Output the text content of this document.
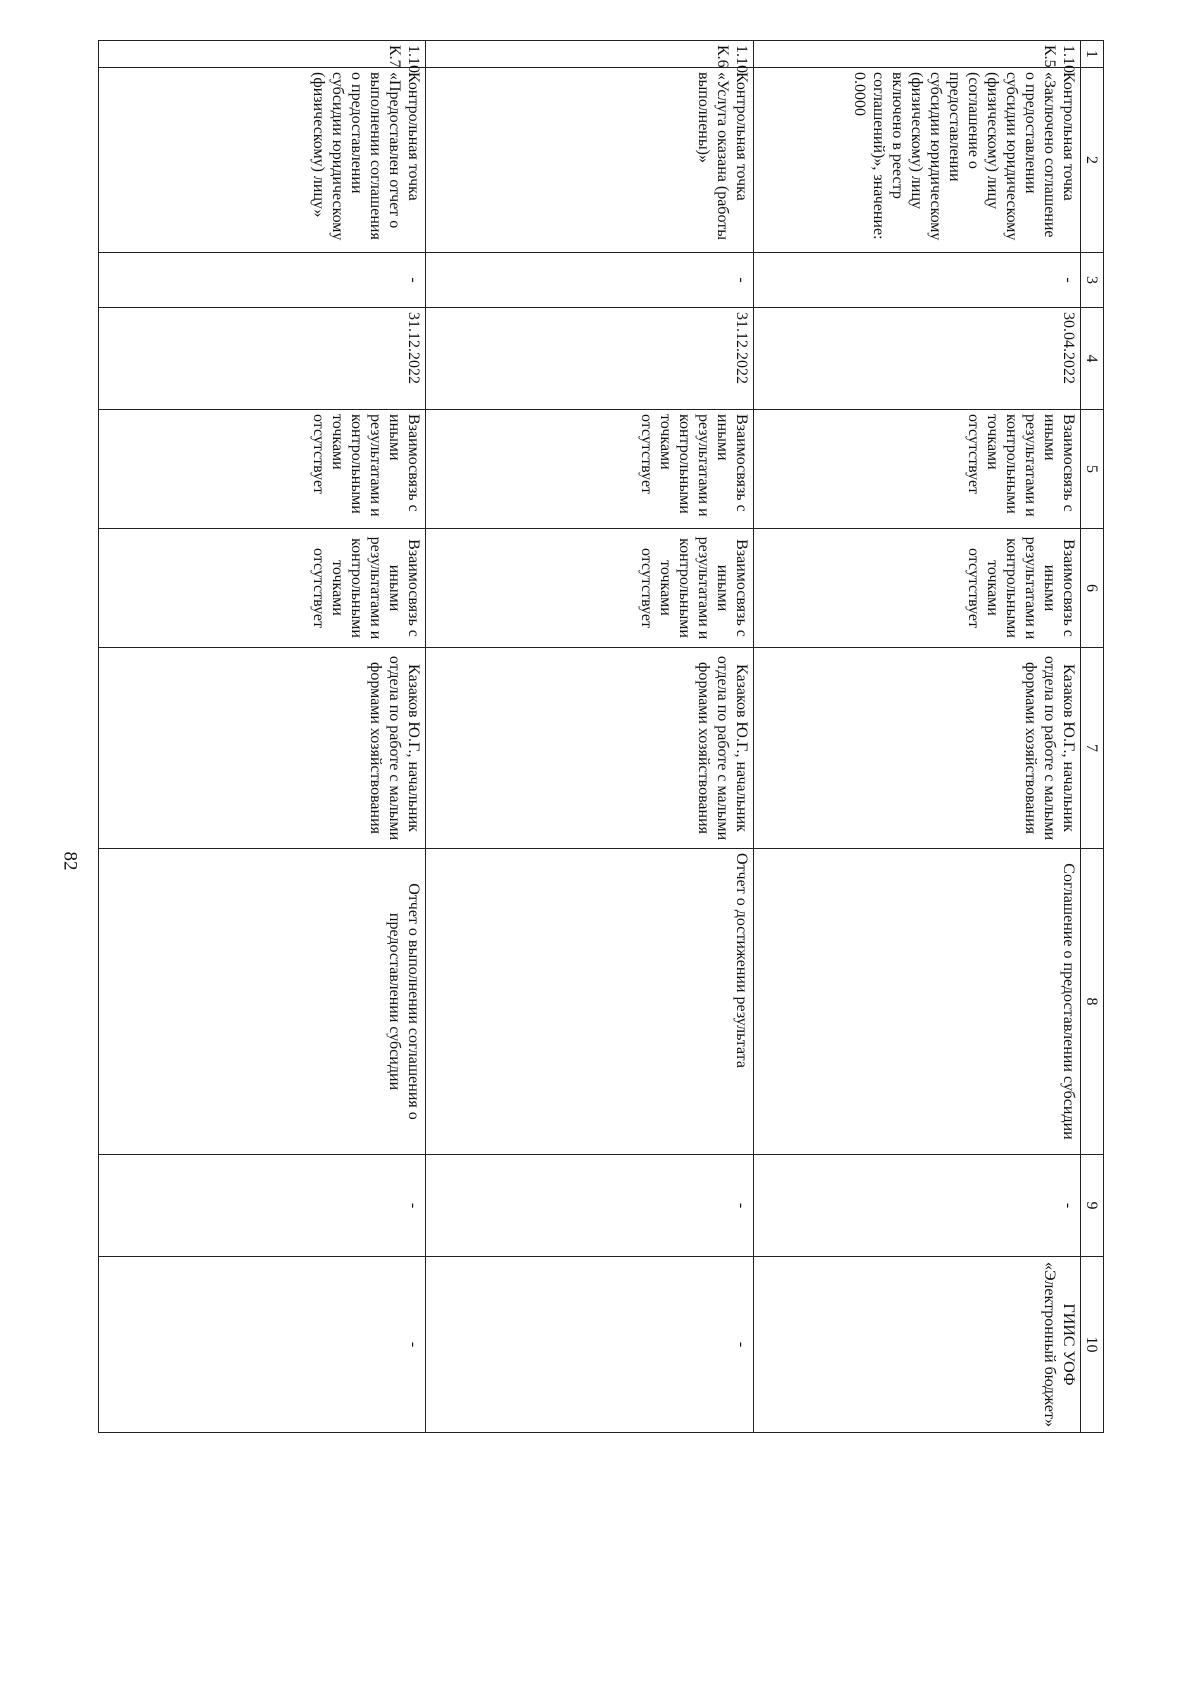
82
1	2	3	4	5	6	7	8	9	10
1.10. К.5	Контрольная точка «Заключено соглашение о предоставлении субсидии юридическому (физическому) лицу (соглашение о предоставлении субсидии юридическому (физическому) лицу включено в реестр соглашений)», значение: 0.0000	-	30.04.2022	Взаимосвязь с иными результатами и контрольными точками отсутствует	Взаимосвязь с иными результатами и контрольными точками отсутствует	Казаков Ю.Г., начальник отдела по работе с малыми формами хозяйствования	Соглашение о предоставлении субсидии	-	ГИИС УОФ «Электронный бюджет»
1.10. К.6	Контрольная точка «Услуга оказана (работы выполнены)»	-	31.12.2022	Взаимосвязь с иными результатами и контрольными точками отсутствует	Взаимосвязь с иными результатами и контрольными точками отсутствует	Казаков Ю.Г., начальник отдела по работе с малыми формами хозяйствования	Отчет о достижении результата	-	-
1.10. К.7	Контрольная точка «Предоставлен отчет о выполнении соглашения о предоставлении субсидии юридическому (физическому) лицу»	-	31.12.2022	Взаимосвязь с иными результатами и контрольными точками отсутствует	Взаимосвязь с иными результатами и контрольными точками отсутствует	Казаков Ю.Г., начальник отдела по работе с малыми формами хозяйствования	Отчет о выполнении соглашения о предоставлении субсидии	-	-
